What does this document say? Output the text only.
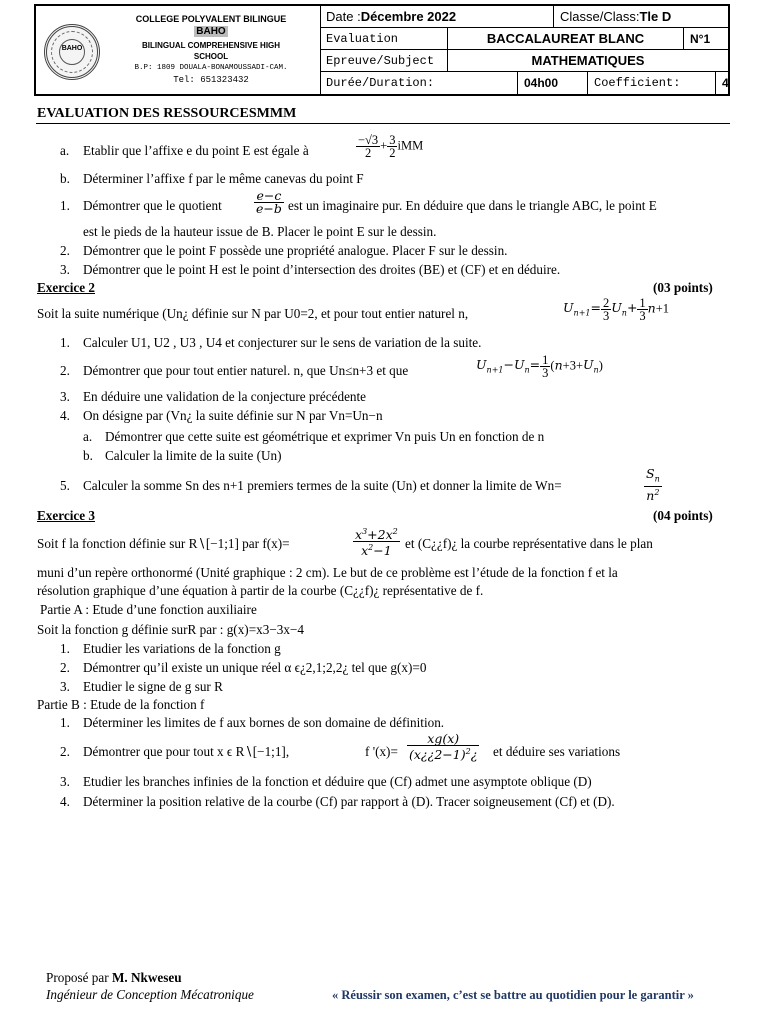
BAHO
COLLEGE POLYVALENT BILINGUE
BAHO
BILINGUAL COMPREHENSIVE HIGH
SCHOOL
B.P: 1809 DOUALA-BONAMOUSSADI-CAM.
Tel: 651323432
Date : Décembre 2022	Classe/Class: Tle D
Evaluation	BACCALAUREAT BLANC	N°1
Epreuve/Subject	MATHEMATIQUES
Durée/Duration:	04h00	Coefficient:	4
EVALUATION DES RESSOURCESMMM
a. Etablir que l’affixe e du point E est égale à	$\frac{-√3}{2} + \frac{3}{2}$ iMM
b. Déterminer l’affixe f par le même canevas du point F
1. Démontrer que le quotient	$\frac{e-c}{e-b}$ est un imaginaire pur. En déduire que dans le triangle ABC, le point E
est le pieds de la hauteur issue de B. Placer le point E sur le dessin.
2. Démontrer que le point F possède une propriété analogue. Placer F sur le dessin.
3. Démontrer que le point H est le point d’intersection des droites (BE) et (CF) et en déduire.
Exercice 2	(03 points)
Soit la suite numérique (Un¿ définie sur N par U0=2, et pour tout entier naturel n,	$U_{n+1}= \frac{2}{3} U_n+ \frac{1}{3} n+1$
1. Calculer U1, U2 , U3 , U4 et conjecturer sur le sens de variation de la suite.
2. Démontrer que pour tout entier naturel. n, que Un≤n+3 et que	$U_{n+1}-U_n= \frac{1}{3} (n+3+U_n)$
3. En déduire une validation de la conjecture précédente
4. On désigne par (Vn¿ la suite définie sur N par Vn=Un−n
a. Démontrer que cette suite est géométrique et exprimer Vn puis Un en fonction de n
b. Calculer la limite de la suite (Un)
5. Calculer la somme Sn des n+1 premiers termes de la suite (Un) et donner la limite de Wn=	$\frac{S_n}{n^2}$
Exercice 3	(04 points)
Soit f la fonction définie sur R∖[−1;1] par f(x)=	$\frac{x^3+2x^2}{x^2-1}$ et (C¿¿f)¿ la courbe représentative dans le plan
muni d’un repère orthonormé (Unité graphique : 2 cm). Le but de ce problème est l’étude de la fonction f et la
résolution graphique d’une équation à partir de la courbe (C¿¿f)¿ représentative de f.
Partie A : Etude d’une fonction auxiliaire
Soit la fonction g définie surR par : g(x)=x3−3x−4
1. Etudier les variations de la fonction g
2. Démontrer qu’il existe un unique réel α ϵ¿2,1;2,2¿ tel que g(x)=0
3. Etudier le signe de g sur R
Partie B : Etude de la fonction f
1. Déterminer les limites de f aux bornes de son domaine de définition.
2. Démontrer que pour tout x ϵ R∖[−1;1],	f '$(x)= \frac{xg(x)}{(x¿¿2-1)^2¿}$ et déduire ses variations
3. Etudier les branches infinies de la fonction et déduire que (Cf) admet une asymptote oblique (D)
4. Déterminer la position relative de la courbe (Cf) par rapport à (D). Tracer soigneusement (Cf) et (D).
Proposé par M. Nkweseu
Ingénieur de Conception Mécatronique	« Réussir son examen, c’est se battre au quotidien pour le garantir »
